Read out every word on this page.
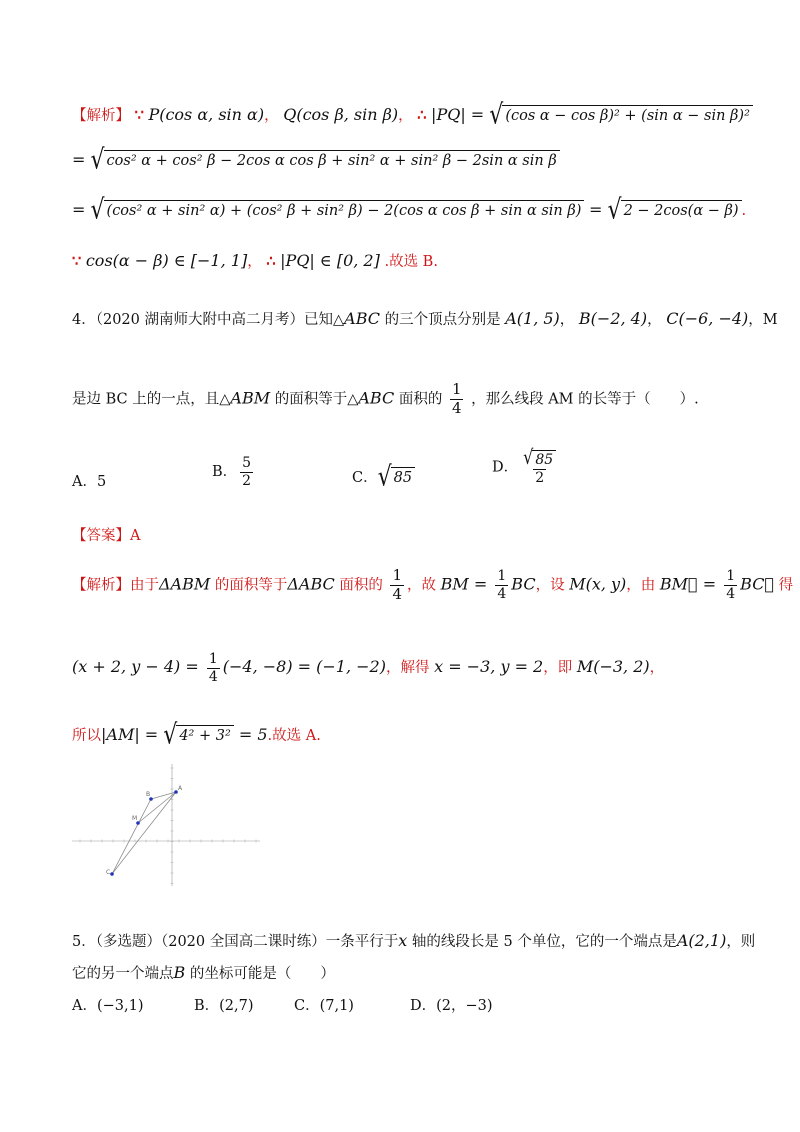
【解析】 ∵ P(cos α, sin α)， Q(cos β, sin β)， ∴ |PQ| = √ (cos α − cos β)² + (sin α − sin β)²
= √ cos² α + cos² β − 2cos α cos β + sin² α + sin² β − 2sin α sin β
= √ (cos² α + sin² α) + (cos² β + sin² β) − 2(cos α cos β + sin α sin β) = √ 2 − 2cos(α − β) .
∵ cos(α − β) ∈ [−1, 1]， ∴ |PQ| ∈ [0, 2] .故选 B.
4．（2020 湖南师大附中高二月考）已知△ABC 的三个顶点分别是 A(1, 5)， B(−2, 4)， C(−6, −4)，M
是边 BC 上的一点，且△ABM 的面积等于△ABC 面积的 $\frac{1}{4}$ ，那么线段 AM 的长等于（　　）.
A．5
B． $\frac{5}{2}$	C． √ 85
D． $\frac{√ 85}{2}$
【答案】A
【解析】由于ΔABM 的面积等于ΔABC 面积的 $\frac{1}{4}$ ，故 BM = $\frac{1}{4}$ BC，设 M(x, y)，由 BM⃗ = $\frac{1}{4}$ BC⃗ 得
(x + 2, $y - 4) = \frac{1}{4} (-4$, −8) = (−1, −2)，解得 x = −3, y = 2，即 M(−3, 2)，
所以|AM| = √ 4² + 3² = 5.故选 A.
A
B
C
M
5．（多选题）（2020 全国高二课时练）一条平行于x 轴的线段长是 5 个单位，它的一个端点是A(2,1)，则
它的另一个端点B 的坐标可能是（　　）
A．(−3,1)	B．(2,7)	C．(7,1)	D．(2，−3)
